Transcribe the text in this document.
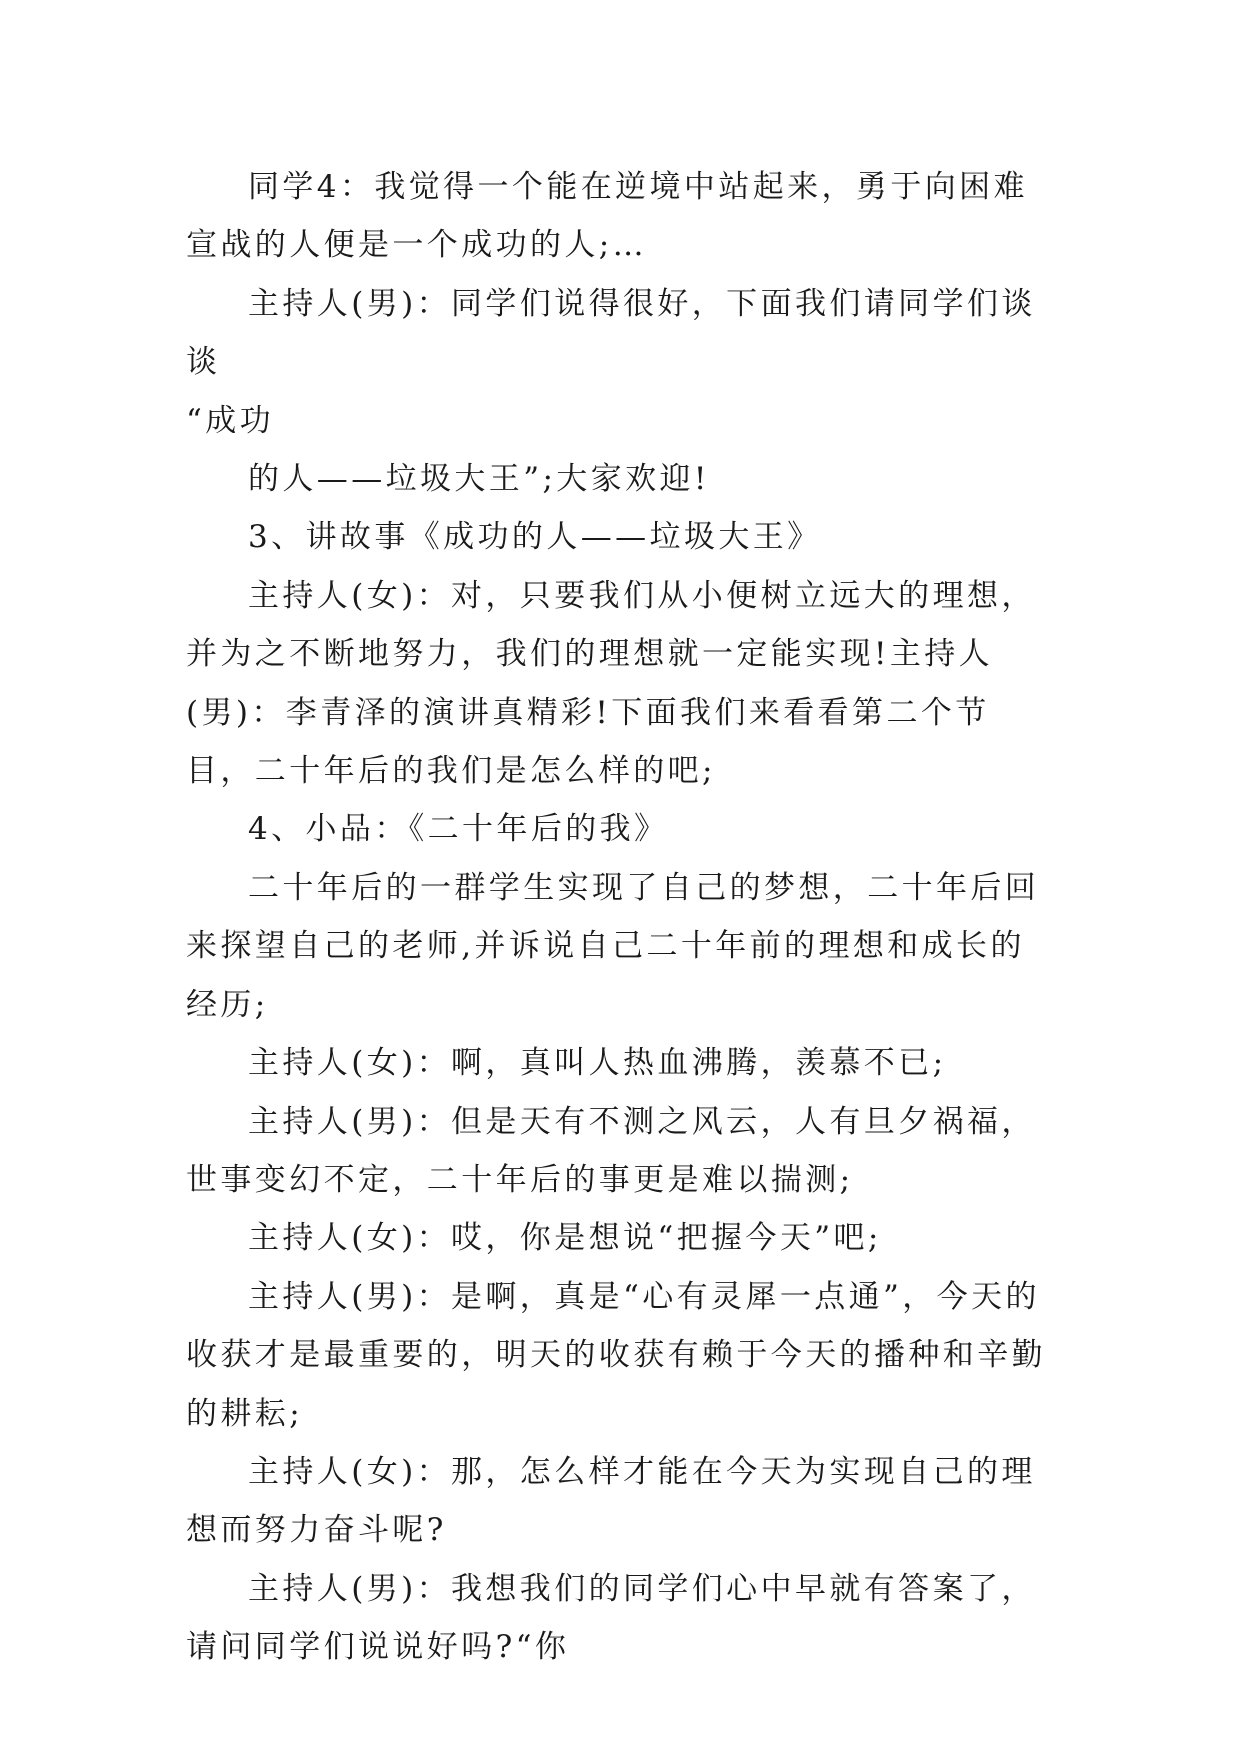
同学4：我觉得一个能在逆境中站起来，勇于向困难宣战的人便是一个成功的人;…

主持人(男)：同学们说得很好，下面我们请同学们谈谈

“成功

的人——垃圾大王”;大家欢迎!

3、讲故事《成功的人——垃圾大王》

主持人(女)：对，只要我们从小便树立远大的理想，并为之不断地努力，我们的理想就一定能实现!主持人(男)：李青泽的演讲真精彩!下面我们来看看第二个节目，二十年后的我们是怎么样的吧;

4、小品：《二十年后的我》

二十年后的一群学生实现了自己的梦想，二十年后回来探望自己的老师,并诉说自己二十年前的理想和成长的经历;

主持人(女)：啊，真叫人热血沸腾，羡慕不已;

主持人(男)：但是天有不测之风云，人有旦夕祸福，世事变幻不定，二十年后的事更是难以揣测;

主持人(女)：哎，你是想说“把握今天”吧;

主持人(男)：是啊，真是“心有灵犀一点通”，今天的收获才是最重要的，明天的收获有赖于今天的播种和辛勤的耕耘;

主持人(女)：那，怎么样才能在今天为实现自己的理想而努力奋斗呢?

主持人(男)：我想我们的同学们心中早就有答案了，请问同学们说说好吗?“你
